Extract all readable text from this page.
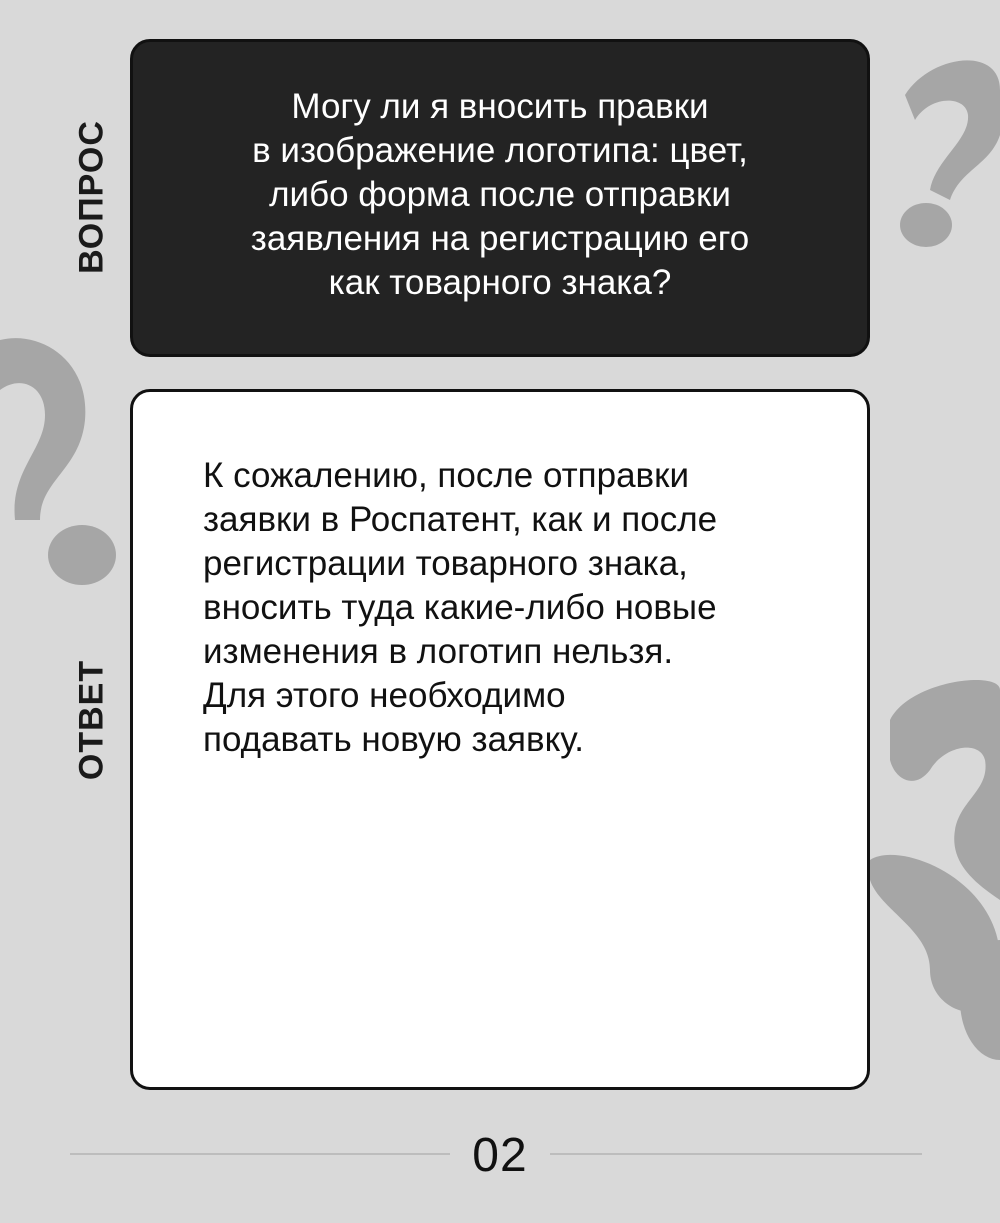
ВОПРОС
ОТВЕТ
Могу ли я вносить правки
в изображение логотипа: цвет,
либо форма после отправки
заявления на регистрацию его
как товарного знака?
К сожалению, после отправки
заявки в Роспатент, как и после
регистрации товарного знака,
вносить туда какие-либо новые
изменения в логотип нельзя.
Для этого необходимо
подавать новую заявку.
02
